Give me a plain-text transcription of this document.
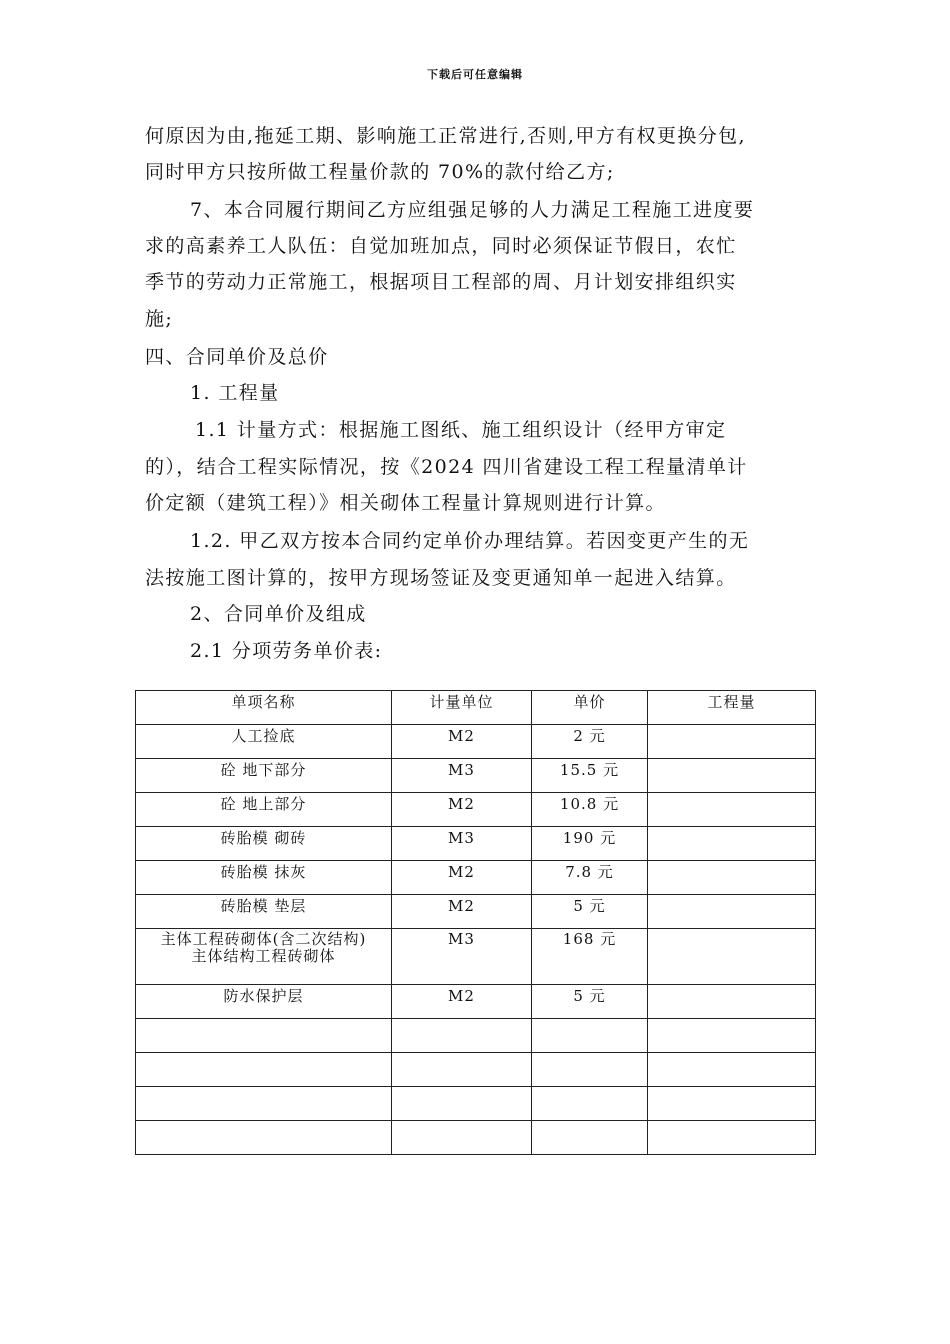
下载后可任意编辑
何原因为由,拖延工期、影响施工正常进行,否则,甲方有权更换分包,
同时甲方只按所做工程量价款的 70%的款付给乙方;
7、本合同履行期间乙方应组强足够的人力满足工程施工进度要
求的高素养工人队伍：自觉加班加点，同时必须保证节假日，农忙
季节的劳动力正常施工，根据项目工程部的周、月计划安排组织实
施;
四、合同单价及总价
1. 工程量
1.1 计量方式：根据施工图纸、施工组织设计（经甲方审定
的），结合工程实际情况，按《2024 四川省建设工程工程量清单计
价定额（建筑工程）》相关砌体工程量计算规则进行计算。
1.2. 甲乙双方按本合同约定单价办理结算。若因变更产生的无
法按施工图计算的，按甲方现场签证及变更通知单一起进入结算。
2、合同单价及组成
2.1 分项劳务单价表:
单项名称	计量单位	单价	工程量
人工捡底	M2	2 元	
砼 地下部分	M3	15.5 元	
砼 地上部分	M2	10.8 元	
砖胎模 砌砖	M3	190 元	
砖胎模 抹灰	M2	7.8 元	
砖胎模 垫层	M2	5 元	
主体工程砖砌体(含二次结构)
主体结构工程砖砌体	M3	168 元	
防水保护层	M2	5 元	
